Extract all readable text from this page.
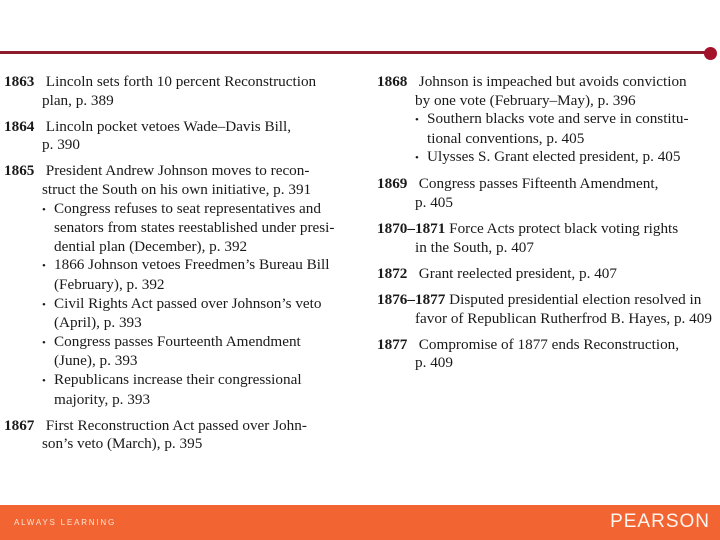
1863 Lincoln sets forth 10 percent Reconstruction
plan, p. 389
1864 Lincoln pocket vetoes Wade–Davis Bill,
p. 390
1865 President Andrew Johnson moves to recon-
struct the South on his own initiative, p. 391
• Congress refuses to seat representatives and
senators from states reestablished under presi-
dential plan (December), p. 392
• 1866 Johnson vetoes Freedmen’s Bureau Bill
(February), p. 392
• Civil Rights Act passed over Johnson’s veto
(April), p. 393
• Congress passes Fourteenth Amendment
(June), p. 393
• Republicans increase their congressional
majority, p. 393
1867 First Reconstruction Act passed over John-
son’s veto (March), p. 395
1868 Johnson is impeached but avoids conviction
by one vote (February–May), p. 396
• Southern blacks vote and serve in constitu-
tional conventions, p. 405
• Ulysses S. Grant elected president, p. 405
1869 Congress passes Fifteenth Amendment,
p. 405
1870–1871 Force Acts protect black voting rights
in the South, p. 407
1872 Grant reelected president, p. 407
1876–1877 Disputed presidential election resolved in
favor of Republican Rutherfrod B. Hayes, p. 409
1877 Compromise of 1877 ends Reconstruction,
p. 409
ALWAYS LEARNING	PEARSON
